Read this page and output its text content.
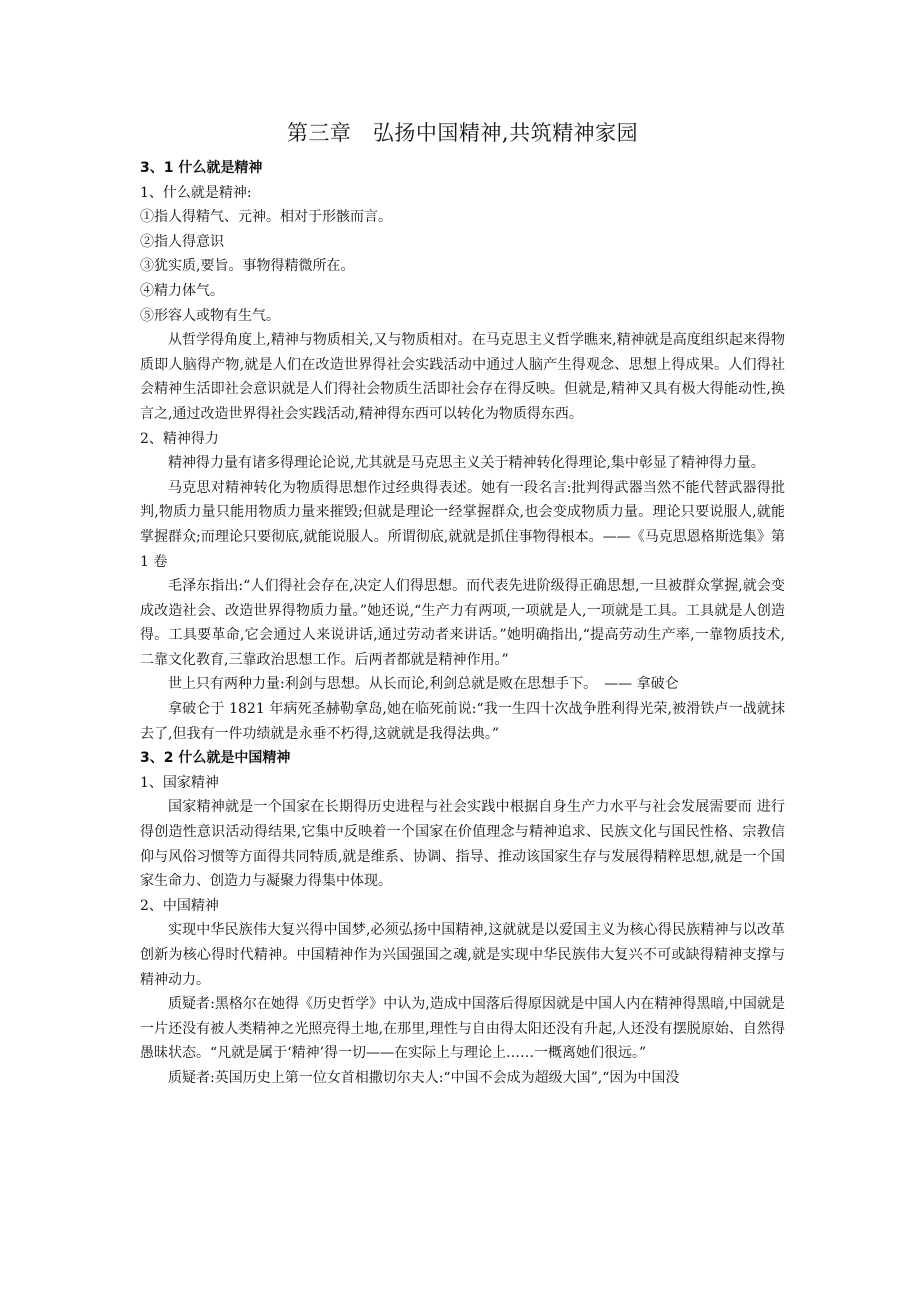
第三章　弘扬中国精神,共筑精神家园

3、1 什么就是精神

1、什么就是精神:

①指人得精气、元神。相对于形骸而言。

②指人得意识

③犹实质,要旨。事物得精微所在。

④精力体气。

⑤形容人或物有生气。

从哲学得角度上,精神与物质相关,又与物质相对。在马克思主义哲学瞧来,精神就是高度组织起来得物质即人脑得产物,就是人们在改造世界得社会实践活动中通过人脑产生得观念、思想上得成果。人们得社会精神生活即社会意识就是人们得社会物质生活即社会存在得反映。但就是,精神又具有极大得能动性,换言之,通过改造世界得社会实践活动,精神得东西可以转化为物质得东西。

2、精神得力

精神得力量有诸多得理论论说,尤其就是马克思主义关于精神转化得理论,集中彰显了精神得力量。

马克思对精神转化为物质得思想作过经典得表述。她有一段名言:批判得武器当然不能代替武器得批判,物质力量只能用物质力量来摧毁;但就是理论一经掌握群众,也会变成物质力量。理论只要说服人,就能掌握群众;而理论只要彻底,就能说服人。所谓彻底,就就是抓住事物得根本。——《马克思恩格斯选集》第 1 卷

毛泽东指出:“人们得社会存在,决定人们得思想。而代表先进阶级得正确思想,一旦被群众掌握,就会变成改造社会、改造世界得物质力量。”她还说,“生产力有两项,一项就是人,一项就是工具。工具就是人创造得。工具要革命,它会通过人来说讲话,通过劳动者来讲话。”她明确指出,“提高劳动生产率,一靠物质技术,二靠文化教育,三靠政治思想工作。后两者都就是精神作用。”

世上只有两种力量:利剑与思想。从长而论,利剑总就是败在思想手下。　—— 拿破仑

拿破仑于 1821 年病死圣赫勒拿岛,她在临死前说:“我一生四十次战争胜利得光荣,被滑铁卢一战就抹去了,但我有一件功绩就是永垂不朽得,这就就是我得法典。”

3、2 什么就是中国精神

1、国家精神

国家精神就是一个国家在长期得历史进程与社会实践中根据自身生产力水平与社会发展需要而 进行得创造性意识活动得结果,它集中反映着一个国家在价值理念与精神追求、民族文化与国民性格、宗教信仰与风俗习惯等方面得共同特质,就是维系、协调、指导、推动该国家生存与发展得精粹思想,就是一个国家生命力、创造力与凝聚力得集中体现。

2、中国精神

实现中华民族伟大复兴得中国梦,必须弘扬中国精神,这就就是以爱国主义为核心得民族精神与以改革创新为核心得时代精神。中国精神作为兴国强国之魂,就是实现中华民族伟大复兴不可或缺得精神支撑与精神动力。

质疑者:黑格尔在她得《历史哲学》中认为,造成中国落后得原因就是中国人内在精神得黑暗,中国就是一片还没有被人类精神之光照亮得土地,在那里,理性与自由得太阳还没有升起,人还没有摆脱原始、自然得愚昧状态。“凡就是属于‘精神’得一切——在实际上与理论上……一概离她们很远。”

质疑者:英国历史上第一位女首相撒切尔夫人:“中国不会成为超级大国”,“因为中国没
